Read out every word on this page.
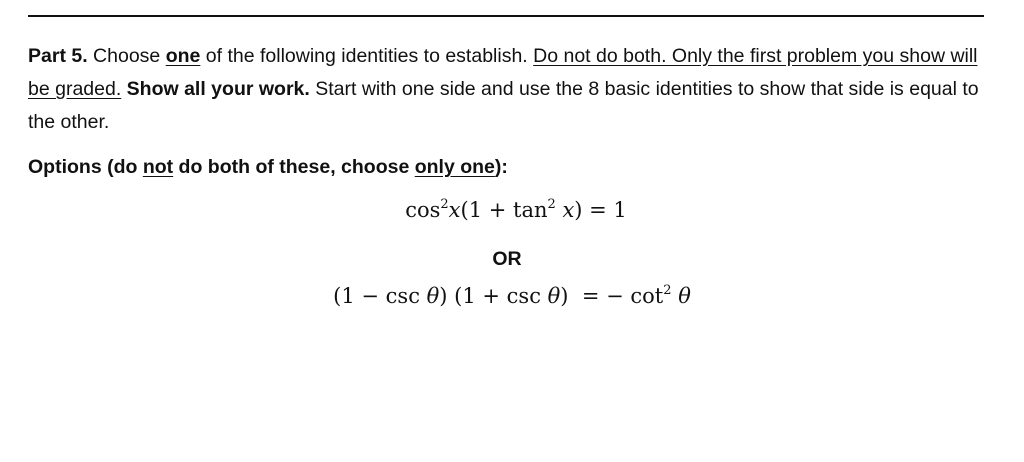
Part 5. Choose one of the following identities to establish. Do not do both. Only the first problem you show will be graded. Show all your work. Start with one side and use the 8 basic identities to show that side is equal to the other.
Options (do not do both of these, choose only one):
$\cos^2x(1 + \tan^2 x) = 1$
OR
(1 − csc θ) (1 + csc θ)  = − $\cot^2 \theta$
